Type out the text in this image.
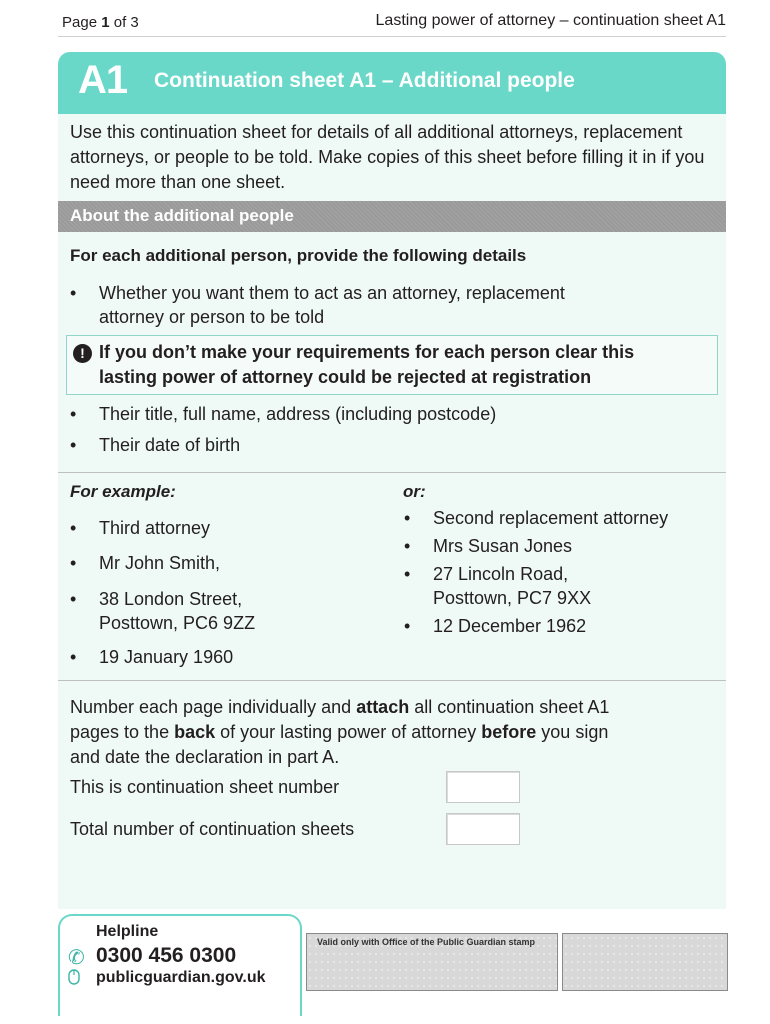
Page 1 of 3	Lasting power of attorney – continuation sheet A1
A1 Continuation sheet A1 – Additional people
Use this continuation sheet for details of all additional attorneys, replacement attorneys, or people to be told. Make copies of this sheet before filling it in if you need more than one sheet.
About the additional people
For each additional person, provide the following details
•	Whether you want them to act as an attorney, replacement
attorney or person to be told
! If you don’t make your requirements for each person clear this
lasting power of attorney could be rejected at registration
•	Their title, full name, address (including postcode)
•	Their date of birth
For example:
•	Third attorney
•	Mr John Smith,
•	38 London Street,
Posttown, PC6 9ZZ
•	19 January 1960
or:
•	Second replacement attorney
•	Mrs Susan Jones
•	27 Lincoln Road,
Posttown, PC7 9XX
•	12 December 1962
Number each page individually and attach all continuation sheet A1
pages to the back of your lasting power of attorney before you sign
and date the declaration in part A.
This is continuation sheet number
Total number of continuation sheets
Helpline
✆ 0300 456 0300
publicguardian.gov.uk
Valid only with Office of the Public Guardian stamp
